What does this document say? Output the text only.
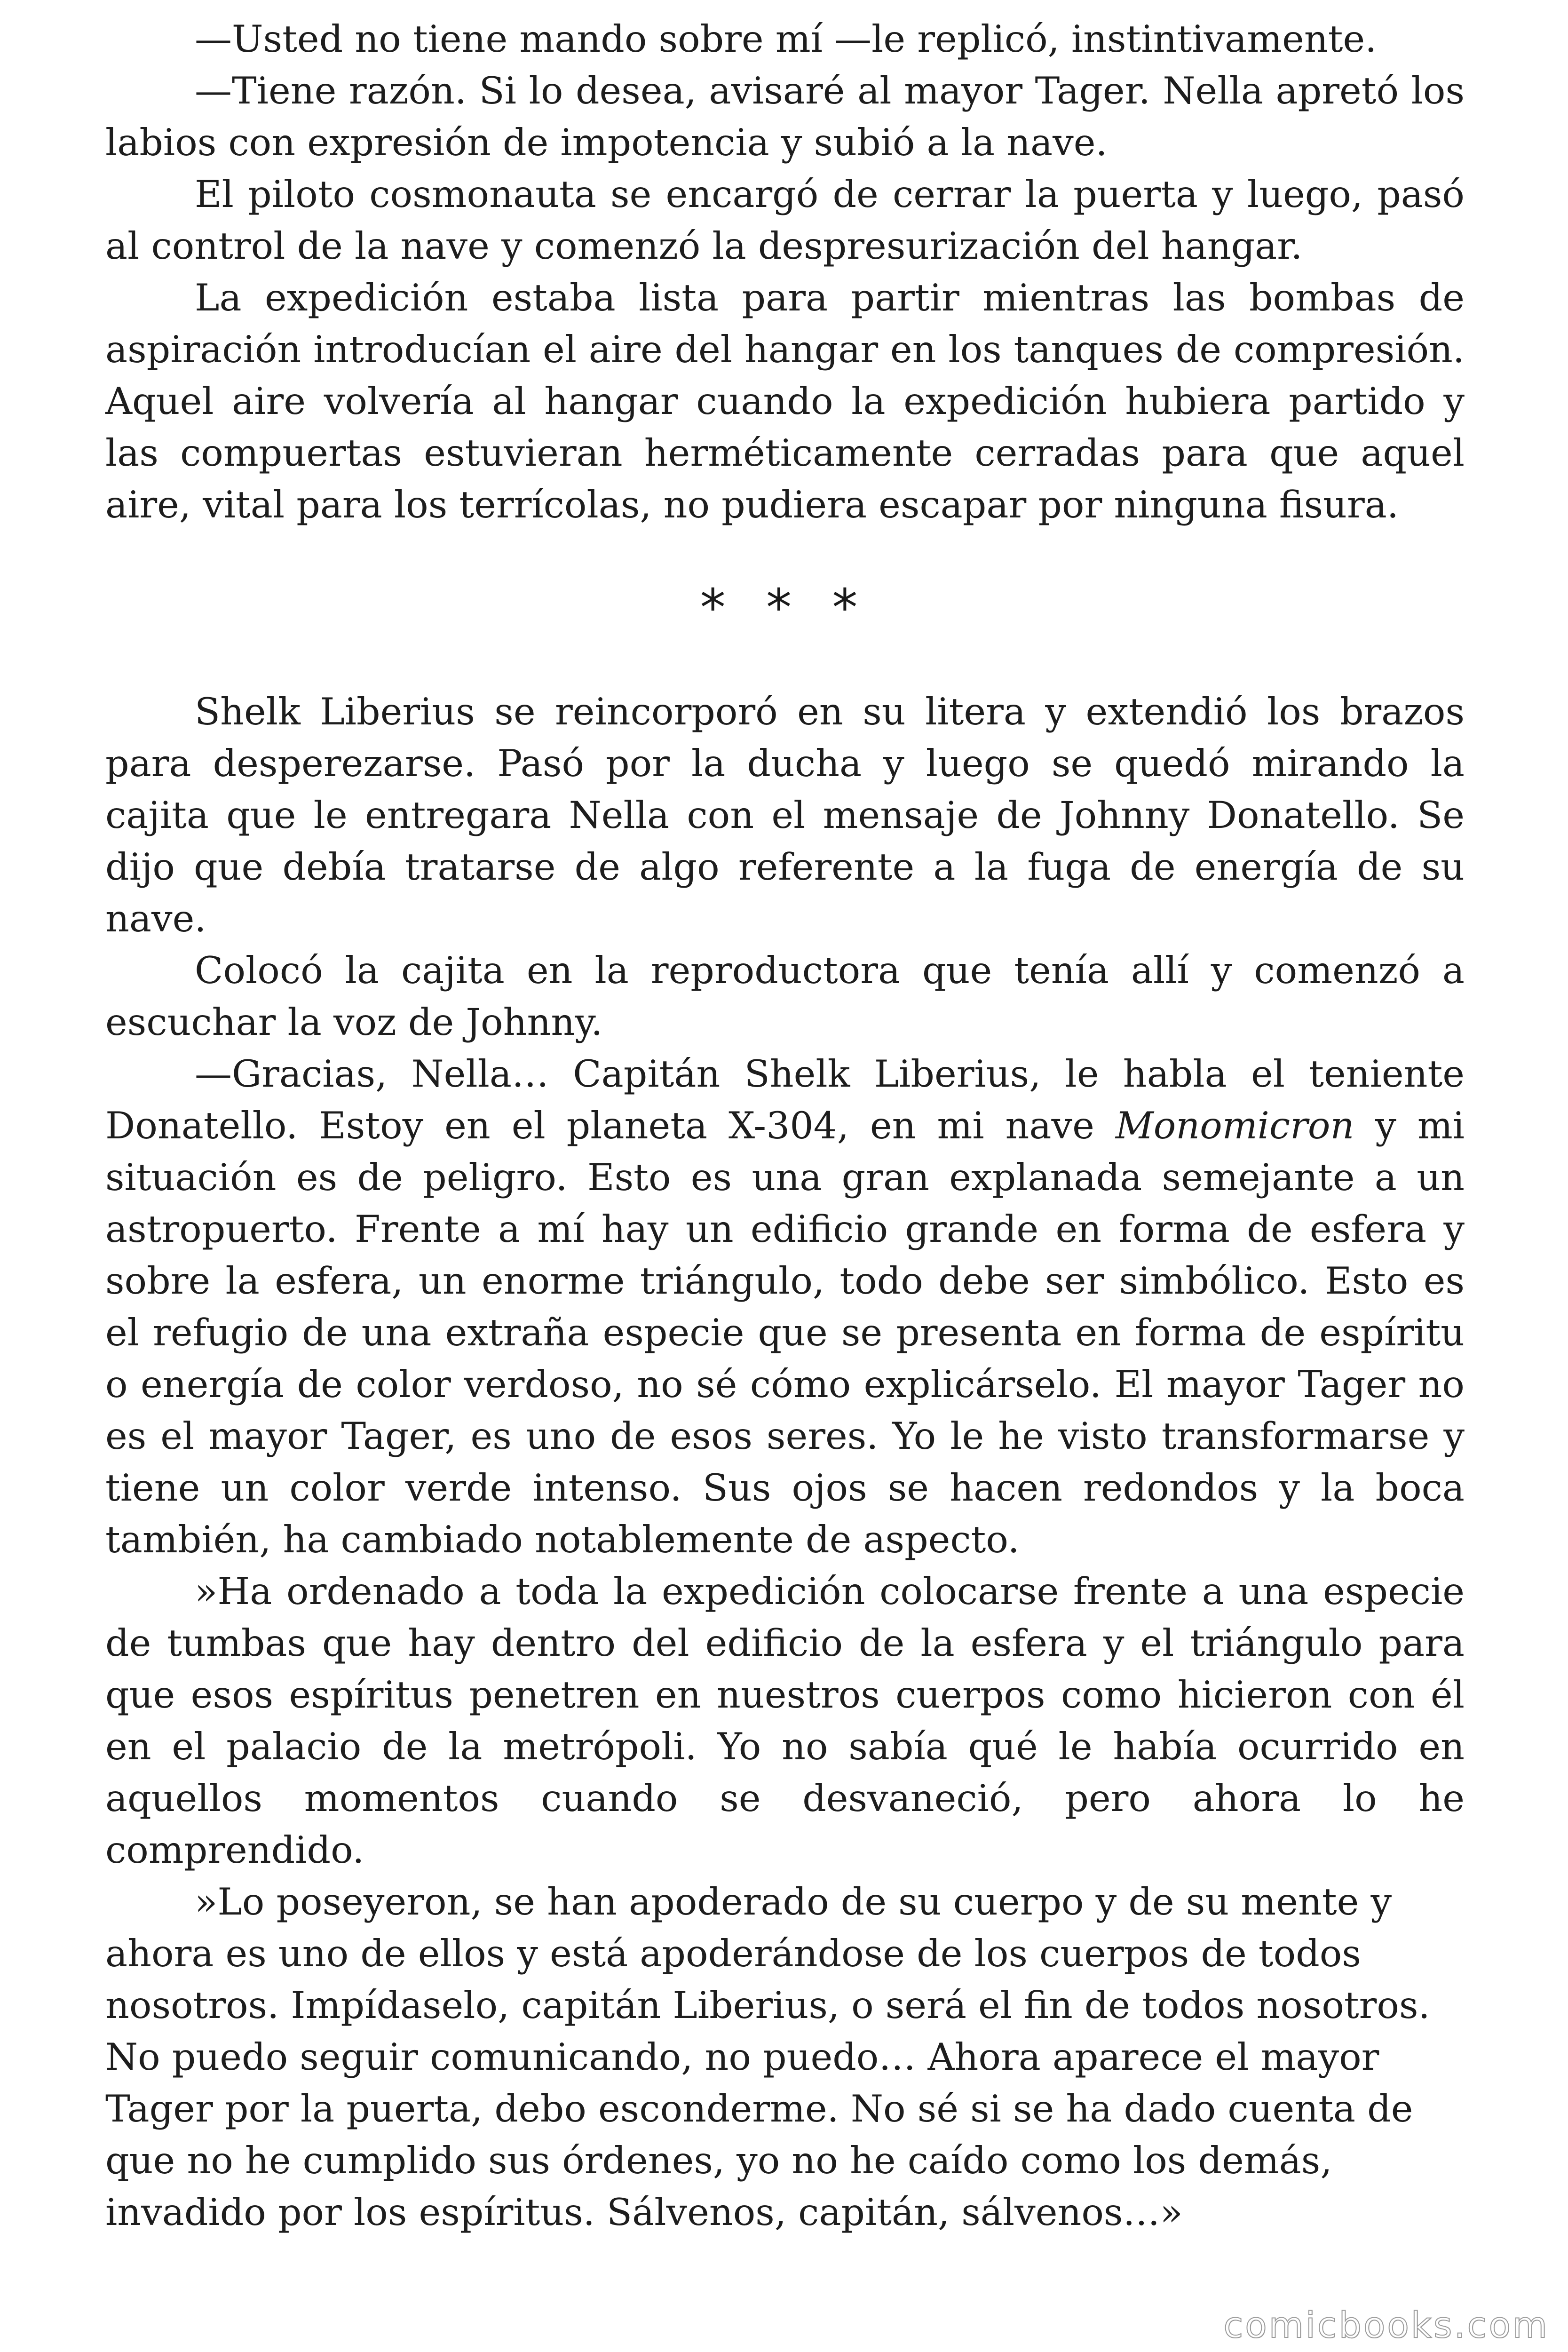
—Usted no tiene mando sobre mí —le replicó, instintivamente.

—Tiene razón. Si lo desea, avisaré al mayor Tager. Nella apretó los labios con expresión de impotencia y subió a la nave.

El piloto cosmonauta se encargó de cerrar la puerta y luego, pasó al control de la nave y comenzó la despresurización del hangar.

La expedición estaba lista para partir mientras las bombas de aspiración introducían el aire del hangar en los tanques de compresión. Aquel aire volvería al hangar cuando la expedición hubiera partido y las compuertas estuvieran herméticamente cerradas para que aquel aire, vital para los terrícolas, no pudiera escapar por ninguna fisura.

* * *

Shelk Liberius se reincorporó en su litera y extendió los brazos para desperezarse. Pasó por la ducha y luego se quedó mirando la cajita que le entregara Nella con el mensaje de Johnny Donatello. Se dijo que debía tratarse de algo referente a la fuga de energía de su nave.

Colocó la cajita en la reproductora que tenía allí y comenzó a escuchar la voz de Johnny.

—Gracias, Nella… Capitán Shelk Liberius, le habla el teniente Donatello. Estoy en el planeta X-304, en mi nave Monomicron y mi situación es de peligro. Esto es una gran explanada semejante a un astropuerto. Frente a mí hay un edificio grande en forma de esfera y sobre la esfera, un enorme triángulo, todo debe ser simbólico. Esto es el refugio de una extraña especie que se presenta en forma de espíritu o energía de color verdoso, no sé cómo explicárselo. El mayor Tager no es el mayor Tager, es uno de esos seres. Yo le he visto transformarse y tiene un color verde intenso. Sus ojos se hacen redondos y la boca también, ha cambiado notablemente de aspecto.

»Ha ordenado a toda la expedición colocarse frente a una especie de tumbas que hay dentro del edificio de la esfera y el triángulo para que esos espíritus penetren en nuestros cuerpos como hicieron con él en el palacio de la metrópoli. Yo no sabía qué le había ocurrido en aquellos momentos cuando se desvaneció, pero ahora lo he comprendido.

»Lo poseyeron, se han apoderado de su cuerpo y de su mente y ahora es uno de ellos y está apoderándose de los cuerpos de todos nosotros. Impídaselo, capitán Liberius, o será el fin de todos nosotros. No puedo seguir comunicando, no puedo… Ahora aparece el mayor Tager por la puerta, debo esconderme. No sé si se ha dado cuenta de que no he cumplido sus órdenes, yo no he caído como los demás, invadido por los espíritus. Sálvenos, capitán, sálvenos…»

comicbooks.com
